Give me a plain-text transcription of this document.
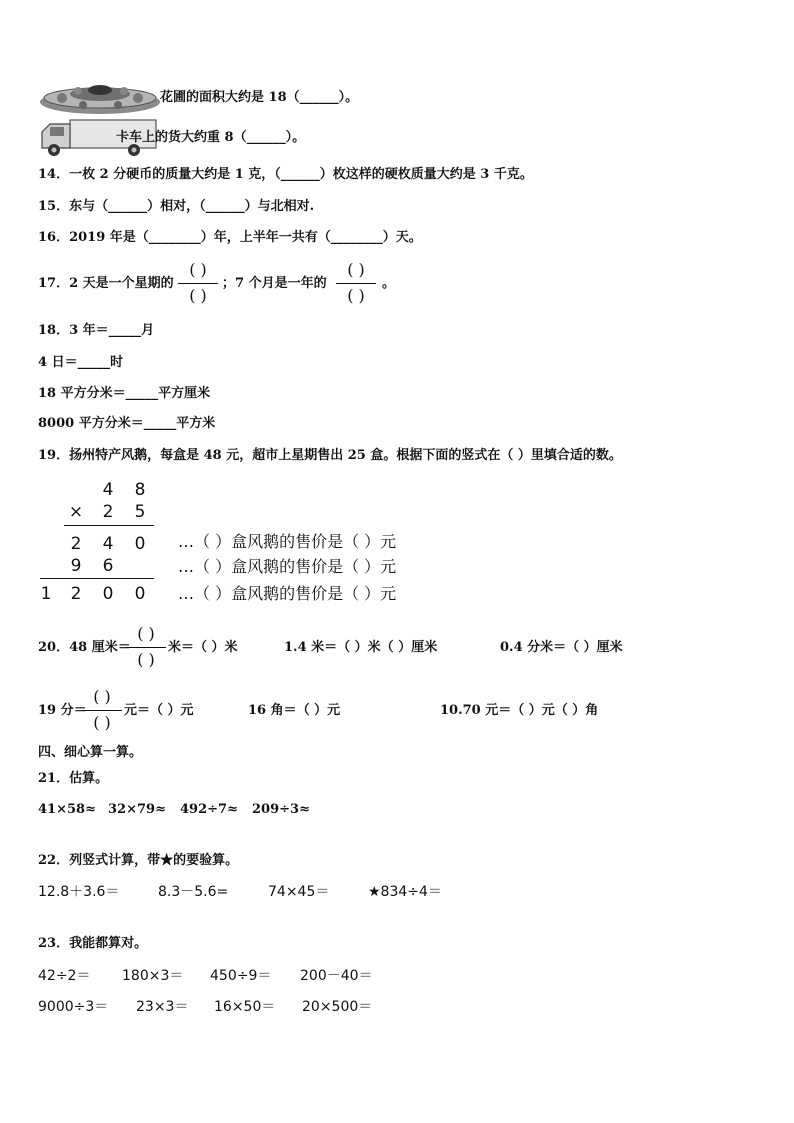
花圃的面积大约是 18（______）。
卡车上的货大约重 8（______）。
14．一枚 2 分硬币的质量大约是 1 克，（______）枚这样的硬枚质量大约是 3 千克。
15．东与（______）相对，（______）与北相对.
16．2019 年是（________）年，上半年一共有（________）天。
17．2 天是一个星期的
( )
( )
；7 个月是一年的
( )
( )
。
18．3 年＝_____月
4 日＝_____时
18 平方分米＝_____平方厘米
8000 平方分米＝_____平方米
19．扬州特产风鹅，每盒是 48 元，超市上星期售出 25 盒。根据下面的竖式在（ ）里填合适的数。
4 8
× 2 5
2 4 0
9 6
1 2 0 0
…（ ）盒风鹅的售价是（ ）元
…（ ）盒风鹅的售价是（ ）元
…（ ）盒风鹅的售价是（ ）元
20．48 厘米＝
( )
( )
米＝（ ）米	1.4 米＝（ ）米（ ）厘米	0.4 分米＝（ ）厘米
19 分＝
( )
( )
元＝（ ）元	16 角＝（ ）元	10.70 元＝（ ）元（ ）角
四、细心算一算。
21．估算。
41×58≈ 32×79≈ 492÷7≈ 209÷3≈
22．列竖式计算，带★的要验算。
12.8＋3.6＝	8.3－5.6=	74×45＝	★834÷4＝
23．我能都算对。
42÷2＝ 180×3＝ 450÷9＝ 200－40＝
9000÷3＝ 23×3＝ 16×50＝ 20×500＝
